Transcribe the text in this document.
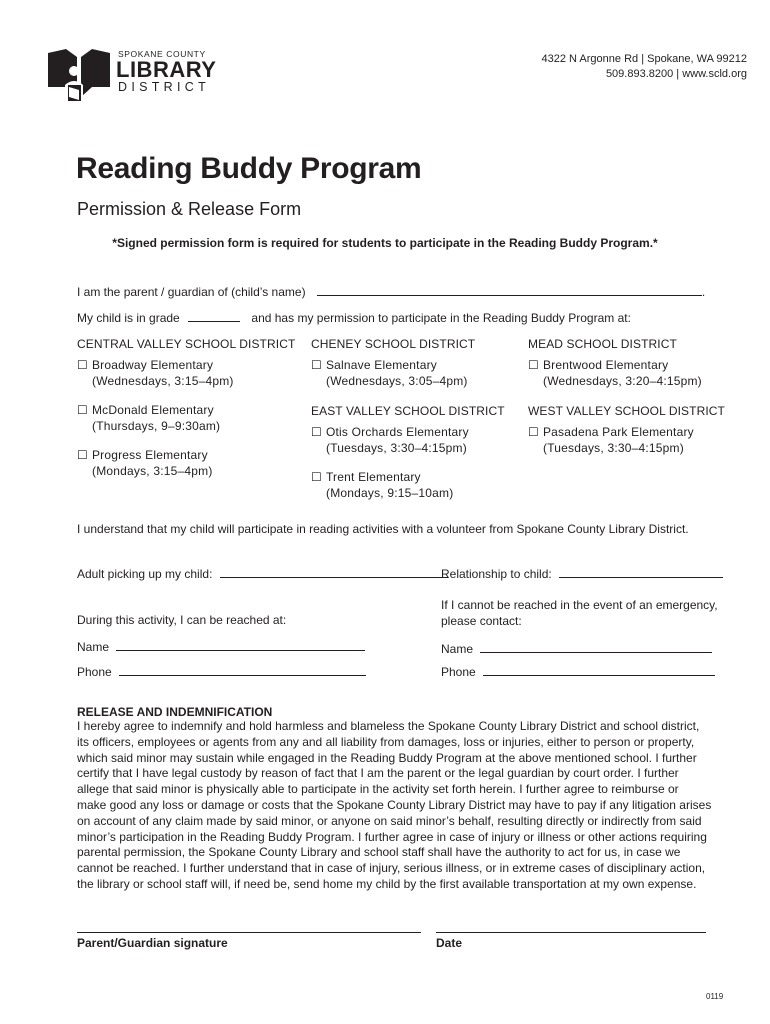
SPOKANE COUNTY
LIBRARY
DISTRICT
4322 N Argonne Rd | Spokane, WA 99212
509.893.8200 | www.scld.org
Reading Buddy Program
Permission & Release Form
*Signed permission form is required for students to participate in the Reading Buddy Program.*
I am the parent / guardian of (child’s name)	.
My child is in grade	and has my permission to participate in the Reading Buddy Program at:
CENTRAL VALLEY SCHOOL DISTRICT
☐ Broadway Elementary
(Wednesdays, 3:15–4pm)
☐ McDonald Elementary
(Thursdays, 9–9:30am)
☐ Progress Elementary
(Mondays, 3:15–4pm)
CHENEY SCHOOL DISTRICT
☐ Salnave Elementary
(Wednesdays, 3:05–4pm)
EAST VALLEY SCHOOL DISTRICT
☐ Otis Orchards Elementary
(Tuesdays, 3:30–4:15pm)
☐ Trent Elementary
(Mondays, 9:15–10am)
MEAD SCHOOL DISTRICT
☐ Brentwood Elementary
(Wednesdays, 3:20–4:15pm)
WEST VALLEY SCHOOL DISTRICT
☐ Pasadena Park Elementary
(Tuesdays, 3:30–4:15pm)
I understand that my child will participate in reading activities with a volunteer from Spokane County Library District.
Adult picking up my child:	Relationship to child:
During this activity, I can be reached at:
If I cannot be reached in the event of an emergency,
please contact:
Name	Name
Phone	Phone
RELEASE AND INDEMNIFICATION
I hereby agree to indemnify and hold harmless and blameless the Spokane County Library District and school district,
its officers, employees or agents from any and all liability from damages, loss or injuries, either to person or property,
which said minor may sustain while engaged in the Reading Buddy Program at the above mentioned school. I further
certify that I have legal custody by reason of fact that I am the parent or the legal guardian by court order. I further
allege that said minor is physically able to participate in the activity set forth herein. I further agree to reimburse or
make good any loss or damage or costs that the Spokane County Library District may have to pay if any litigation arises
on account of any claim made by said minor, or anyone on said minor’s behalf, resulting directly or indirectly from said
minor’s participation in the Reading Buddy Program. I further agree in case of injury or illness or other actions requiring
parental permission, the Spokane County Library and school staff shall have the authority to act for us, in case we
cannot be reached. I further understand that in case of injury, serious illness, or in extreme cases of disciplinary action,
the library or school staff will, if need be, send home my child by the first available transportation at my own expense.
Parent/Guardian signature	Date
0119
